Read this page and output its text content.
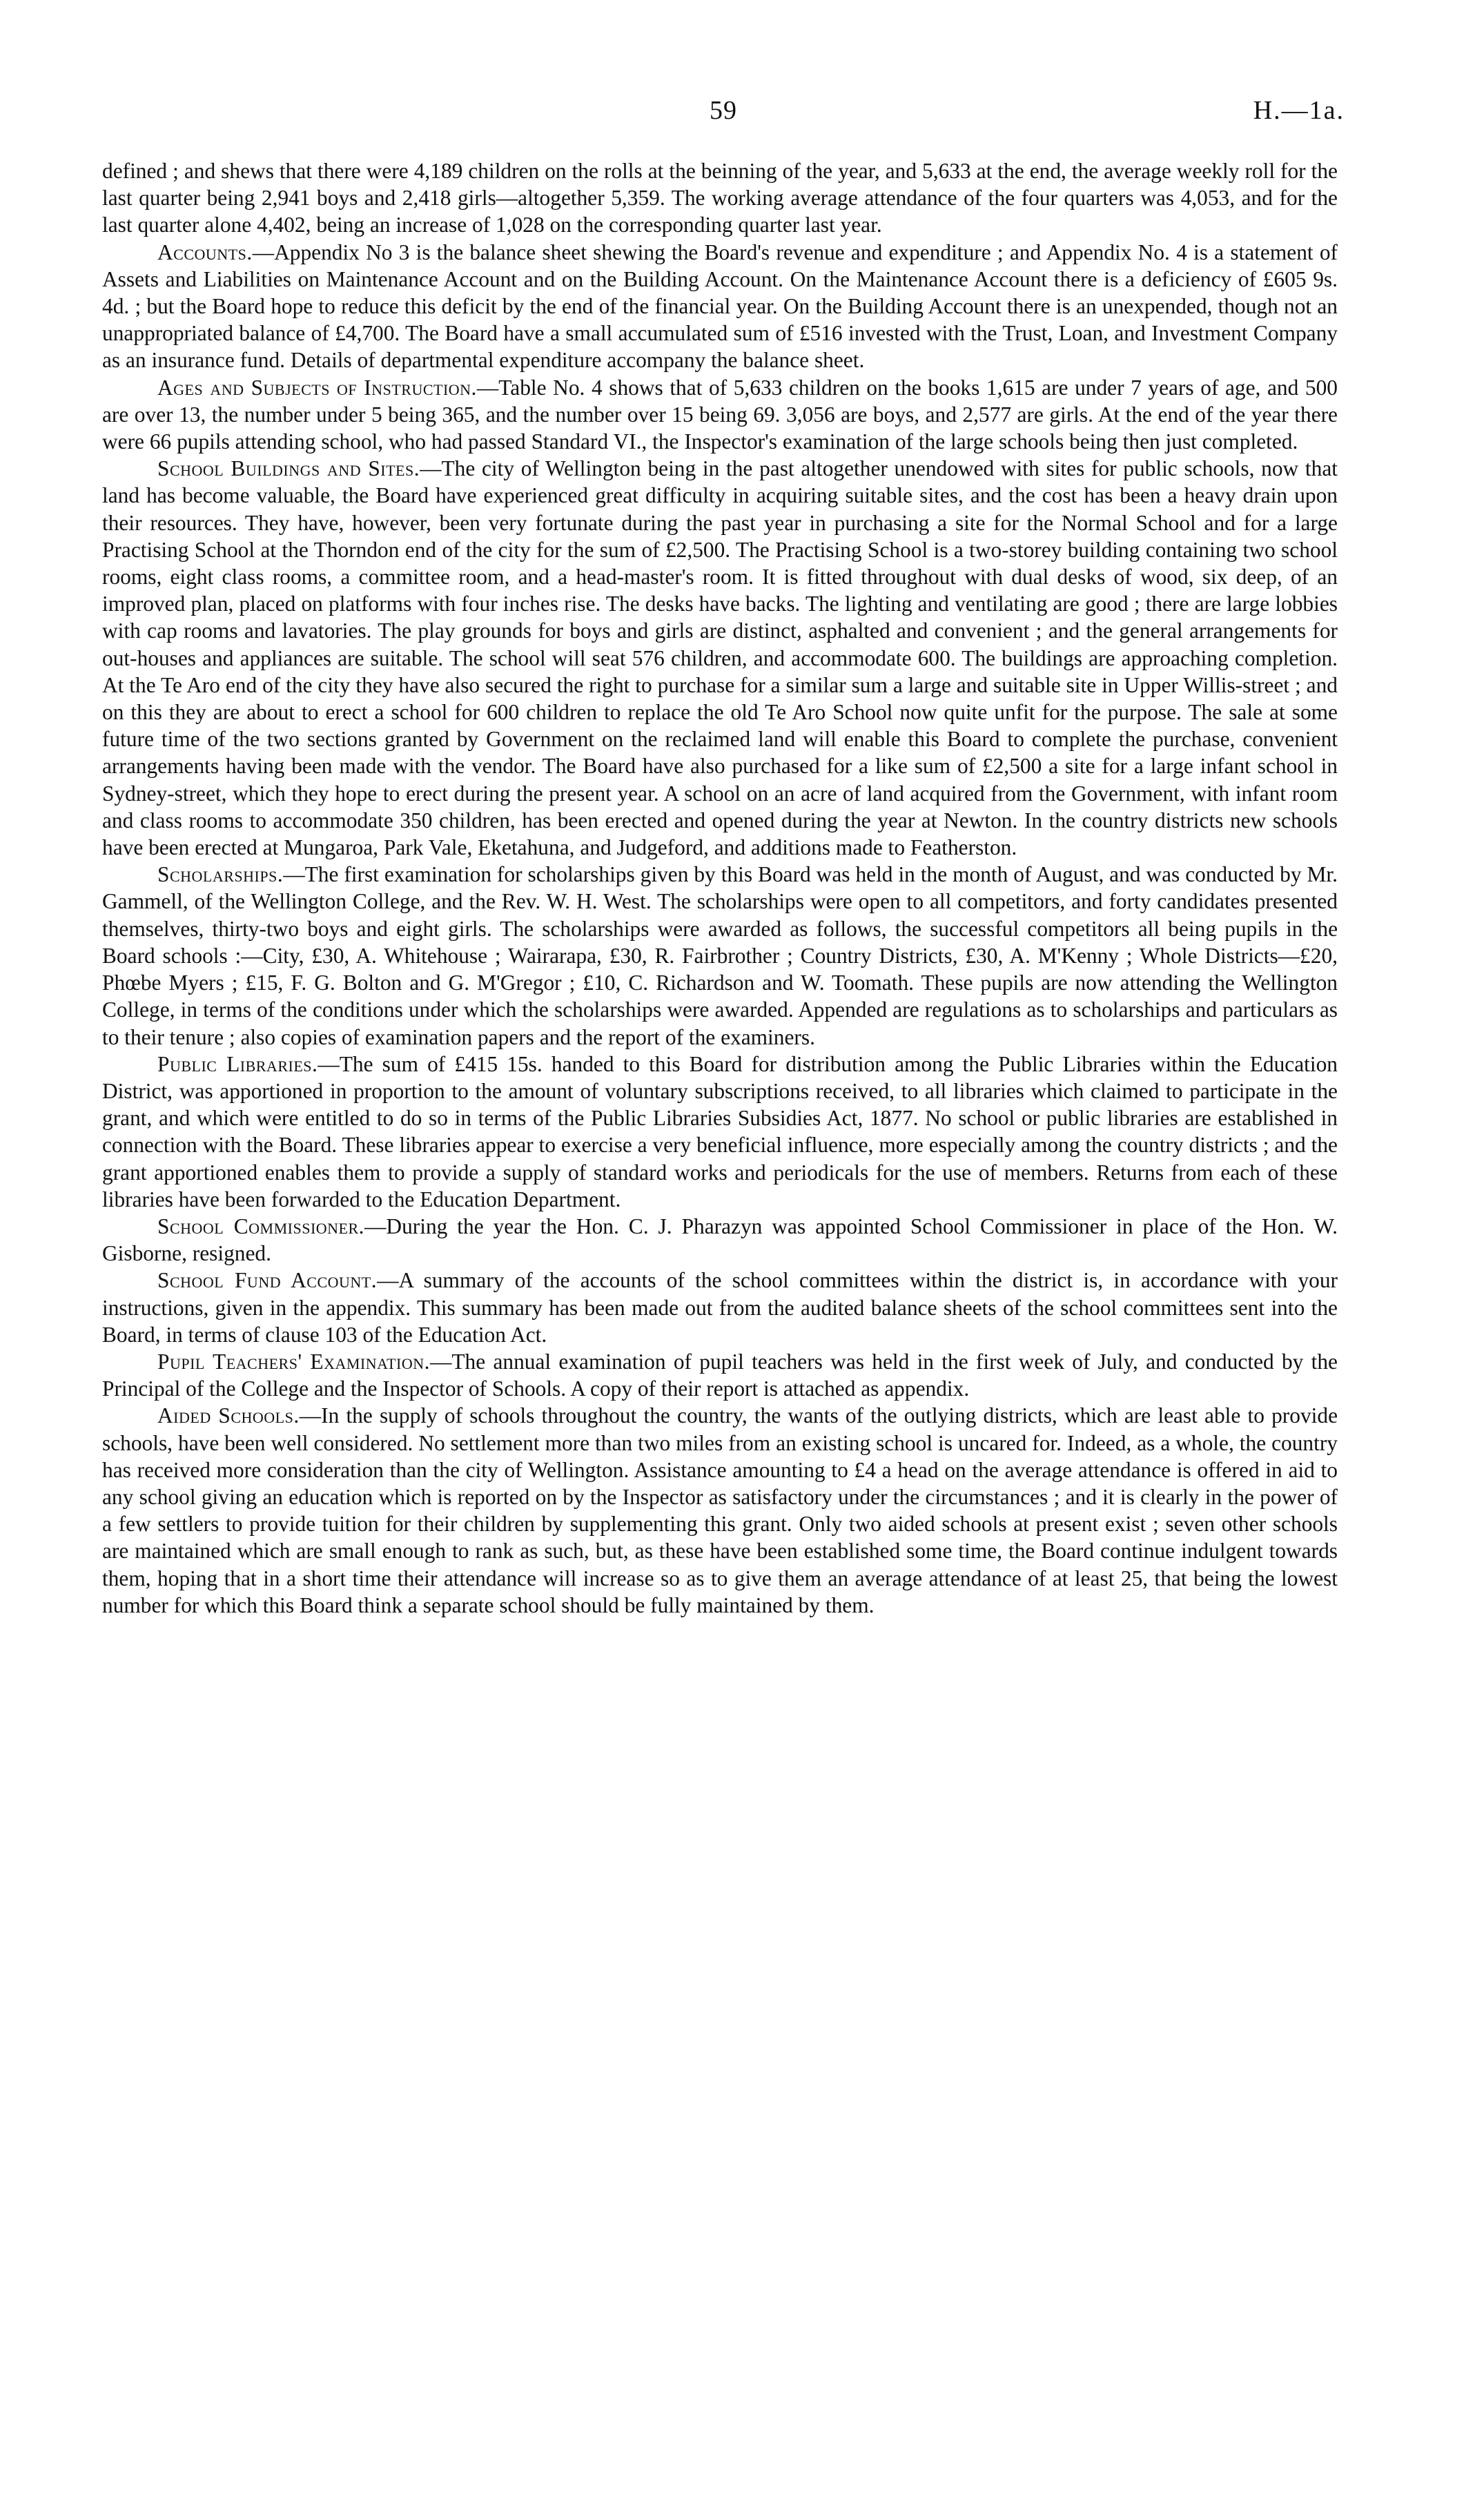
59	H.—1a.

defined ; and shews that there were 4,189 children on the rolls at the beinning of the year, and 5,633 at the end, the average weekly roll for the last quarter being 2,941 boys and 2,418 girls—altogether 5,359. The working average attendance of the four quarters was 4,053, and for the last quarter alone 4,402, being an increase of 1,028 on the corresponding quarter last year.

Accounts.—Appendix No 3 is the balance sheet shewing the Board's revenue and expenditure ; and Appendix No. 4 is a statement of Assets and Liabilities on Maintenance Account and on the Building Account. On the Maintenance Account there is a deficiency of £605 9s. 4d. ; but the Board hope to reduce this deficit by the end of the financial year. On the Building Account there is an unexpended, though not an unappropriated balance of £4,700. The Board have a small accumulated sum of £516 invested with the Trust, Loan, and Investment Company as an insurance fund. Details of departmental expenditure accompany the balance sheet.

Ages and Subjects of Instruction.—Table No. 4 shows that of 5,633 children on the books 1,615 are under 7 years of age, and 500 are over 13, the number under 5 being 365, and the number over 15 being 69. 3,056 are boys, and 2,577 are girls. At the end of the year there were 66 pupils attending school, who had passed Standard VI., the Inspector's examination of the large schools being then just completed.

School Buildings and Sites.—The city of Wellington being in the past altogether unendowed with sites for public schools, now that land has become valuable, the Board have experienced great difficulty in acquiring suitable sites, and the cost has been a heavy drain upon their resources. They have, however, been very fortunate during the past year in purchasing a site for the Normal School and for a large Practising School at the Thorndon end of the city for the sum of £2,500. The Practising School is a two-storey building containing two school rooms, eight class rooms, a committee room, and a head-master's room. It is fitted throughout with dual desks of wood, six deep, of an improved plan, placed on platforms with four inches rise. The desks have backs. The lighting and ventilating are good ; there are large lobbies with cap rooms and lavatories. The play grounds for boys and girls are distinct, asphalted and convenient ; and the general arrangements for out-houses and appliances are suitable. The school will seat 576 children, and accommodate 600. The buildings are approaching completion. At the Te Aro end of the city they have also secured the right to purchase for a similar sum a large and suitable site in Upper Willis-street ; and on this they are about to erect a school for 600 children to replace the old Te Aro School now quite unfit for the purpose. The sale at some future time of the two sections granted by Government on the reclaimed land will enable this Board to complete the purchase, convenient arrangements having been made with the vendor. The Board have also purchased for a like sum of £2,500 a site for a large infant school in Sydney-street, which they hope to erect during the present year. A school on an acre of land acquired from the Government, with infant room and class rooms to accommodate 350 children, has been erected and opened during the year at Newton. In the country districts new schools have been erected at Mungaroa, Park Vale, Eketahuna, and Judgeford, and additions made to Featherston.

Scholarships.—The first examination for scholarships given by this Board was held in the month of August, and was conducted by Mr. Gammell, of the Wellington College, and the Rev. W. H. West. The scholarships were open to all competitors, and forty candidates presented themselves, thirty-two boys and eight girls. The scholarships were awarded as follows, the successful competitors all being pupils in the Board schools :—City, £30, A. Whitehouse ; Wairarapa, £30, R. Fairbrother ; Country Districts, £30, A. M'Kenny ; Whole Districts—£20, Phœbe Myers ; £15, F. G. Bolton and G. M'Gregor ; £10, C. Richardson and W. Toomath. These pupils are now attending the Wellington College, in terms of the conditions under which the scholarships were awarded. Appended are regulations as to scholarships and particulars as to their tenure ; also copies of examination papers and the report of the examiners.

Public Libraries.—The sum of £415 15s. handed to this Board for distribution among the Public Libraries within the Education District, was apportioned in proportion to the amount of voluntary subscriptions received, to all libraries which claimed to participate in the grant, and which were entitled to do so in terms of the Public Libraries Subsidies Act, 1877. No school or public libraries are established in connection with the Board. These libraries appear to exercise a very beneficial influence, more especially among the country districts ; and the grant apportioned enables them to provide a supply of standard works and periodicals for the use of members. Returns from each of these libraries have been forwarded to the Education Department.

School Commissioner.—During the year the Hon. C. J. Pharazyn was appointed School Commissioner in place of the Hon. W. Gisborne, resigned.

School Fund Account.—A summary of the accounts of the school committees within the district is, in accordance with your instructions, given in the appendix. This summary has been made out from the audited balance sheets of the school committees sent into the Board, in terms of clause 103 of the Education Act.

Pupil Teachers' Examination.—The annual examination of pupil teachers was held in the first week of July, and conducted by the Principal of the College and the Inspector of Schools. A copy of their report is attached as appendix.

Aided Schools.—In the supply of schools throughout the country, the wants of the outlying districts, which are least able to provide schools, have been well considered. No settlement more than two miles from an existing school is uncared for. Indeed, as a whole, the country has received more consideration than the city of Wellington. Assistance amounting to £4 a head on the average attendance is offered in aid to any school giving an education which is reported on by the Inspector as satisfactory under the circumstances ; and it is clearly in the power of a few settlers to provide tuition for their children by supplementing this grant. Only two aided schools at present exist ; seven other schools are maintained which are small enough to rank as such, but, as these have been established some time, the Board continue indulgent towards them, hoping that in a short time their attendance will increase so as to give them an average attendance of at least 25, that being the lowest number for which this Board think a separate school should be fully maintained by them.
